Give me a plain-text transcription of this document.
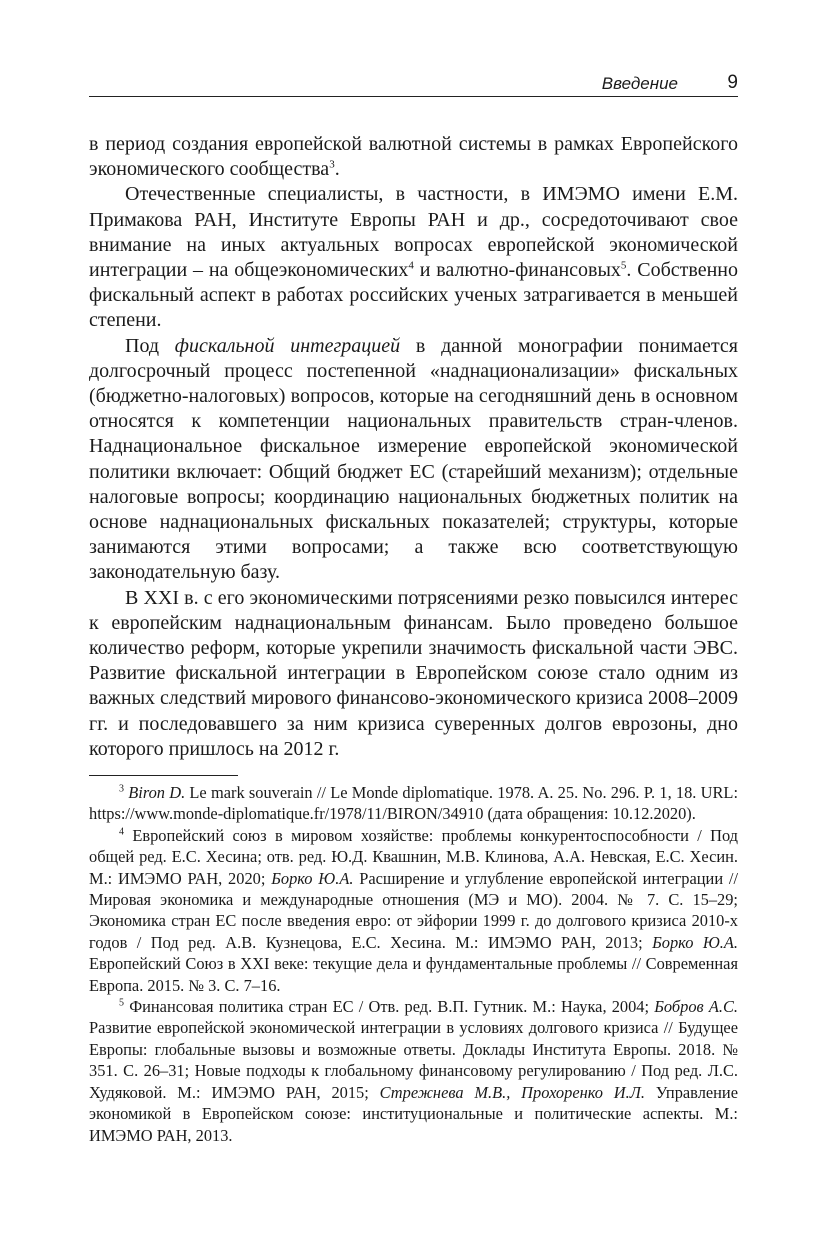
Введение	9

в период создания европейской валютной системы в рамках Европейского экономического сообщества$^3$.

Отечественные специалисты, в частности, в ИМЭМО имени Е.М. Примакова РАН, Институте Европы РАН и др., сосредоточивают свое внимание на иных актуальных вопросах европейской экономической интеграции – на общеэкономических$^4$ и валютно-финансовых$^5$. Собственно фискальный аспект в работах российских ученых затрагивается в меньшей степени.

Под фискальной интеграцией в данной монографии понимается долгосрочный процесс постепенной «наднационализации» фискальных (бюджетно-налоговых) вопросов, которые на сегодняшний день в основном относятся к компетенции национальных правительств стран-членов. Наднациональное фискальное измерение европейской экономической политики включает: Общий бюджет ЕС (старейший механизм); отдельные налоговые вопросы; координацию национальных бюджетных политик на основе наднациональных фискальных показателей; структуры, которые занимаются этими вопросами; а также всю соответствующую законодательную базу.

В XXI в. с его экономическими потрясениями резко повысился интерес к европейским наднациональным финансам. Было проведено большое количество реформ, которые укрепили значимость фискальной части ЭВС. Развитие фискальной интеграции в Европейском союзе стало одним из важных следствий мирового финансово-экономического кризиса 2008–2009 гг. и последовавшего за ним кризиса суверенных долгов еврозоны, дно которого пришлось на 2012 г.

$^3$ Biron D. Le mark souverain // Le Monde diplomatique. 1978. A. 25. No. 296. P. 1, 18. URL: https://www.monde-diplomatique.fr/1978/11/BIRON/34910 (дата обращения: 10.12.2020).

$^4$ Европейский союз в мировом хозяйстве: проблемы конкурентоспособности / Под общей ред. Е.С. Хесина; отв. ред. Ю.Д. Квашнин, М.В. Клинова, А.А. Невская, Е.С. Хесин. М.: ИМЭМО РАН, 2020; Борко Ю.А. Расширение и углубление европейской интеграции // Мировая экономика и международные отношения (МЭ и МО). 2004. № 7. С. 15–29; Экономика стран ЕС после введения евро: от эйфории 1999 г. до долгового кризиса 2010-х годов / Под ред. А.В. Кузнецова, Е.С. Хесина. М.: ИМЭМО РАН, 2013; Борко Ю.А. Европейский Союз в XXI веке: текущие дела и фундаментальные проблемы // Современная Европа. 2015. № 3. С. 7–16.

$^5$ Финансовая политика стран ЕС / Отв. ред. В.П. Гутник. М.: Наука, 2004; Бобров А.С. Развитие европейской экономической интеграции в условиях долгового кризиса // Будущее Европы: глобальные вызовы и возможные ответы. Доклады Института Европы. 2018. № 351. С. 26–31; Новые подходы к глобальному финансовому регулированию / Под ред. Л.С. Худяковой. М.: ИМЭМО РАН, 2015; Стрежнева М.В., Прохоренко И.Л. Управление экономикой в Европейском союзе: институциональные и политические аспекты. М.: ИМЭМО РАН, 2013.
